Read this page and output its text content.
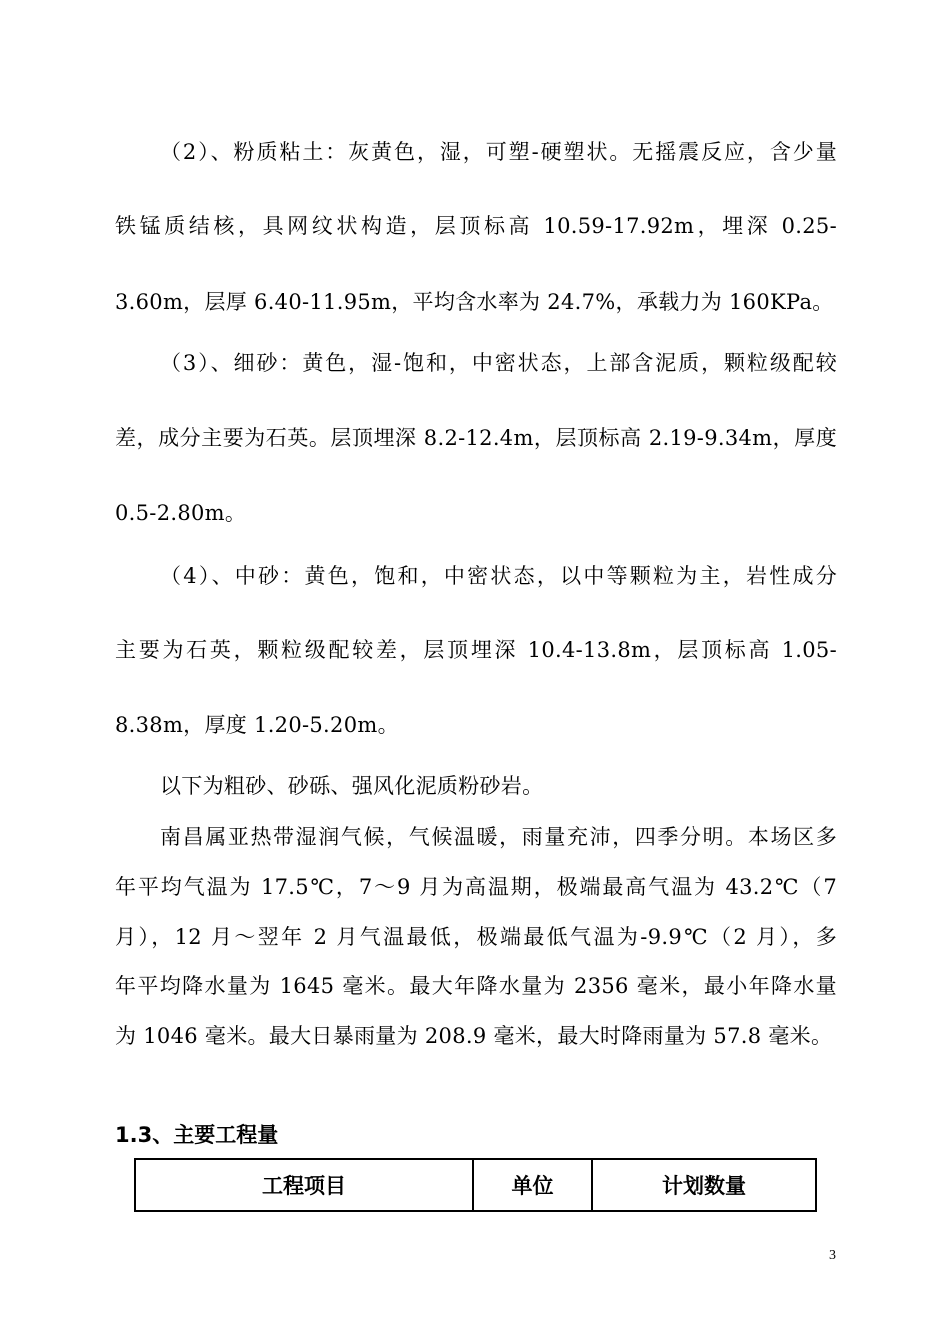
（2）、粉质粘土：灰黄色，湿，可塑-硬塑状。无摇震反应，含少量
铁锰质结核，具网纹状构造，层顶标高 10.59-17.92m，埋深 0.25-
3.60m，层厚 6.40-11.95m，平均含水率为 24.7%，承载力为 160KPa。
（3）、细砂：黄色，湿-饱和，中密状态，上部含泥质，颗粒级配较
差，成分主要为石英。层顶埋深 8.2-12.4m，层顶标高 2.19-9.34m，厚度
0.5-2.80m。
（4）、中砂：黄色，饱和，中密状态，以中等颗粒为主，岩性成分
主要为石英，颗粒级配较差，层顶埋深 10.4-13.8m，层顶标高 1.05-
8.38m，厚度 1.20-5.20m。
以下为粗砂、砂砾、强风化泥质粉砂岩。
南昌属亚热带湿润气候，气候温暖，雨量充沛，四季分明。本场区多
年平均气温为 17.5℃，7～9 月为高温期，极端最高气温为 43.2℃（7
月），12 月～翌年 2 月气温最低，极端最低气温为-9.9℃（2 月），多
年平均降水量为 1645 毫米。最大年降水量为 2356 毫米，最小年降水量
为 1046 毫米。最大日暴雨量为 208.9 毫米，最大时降雨量为 57.8 毫米。
1.3、主要工程量
工程项目	单位	计划数量
3
